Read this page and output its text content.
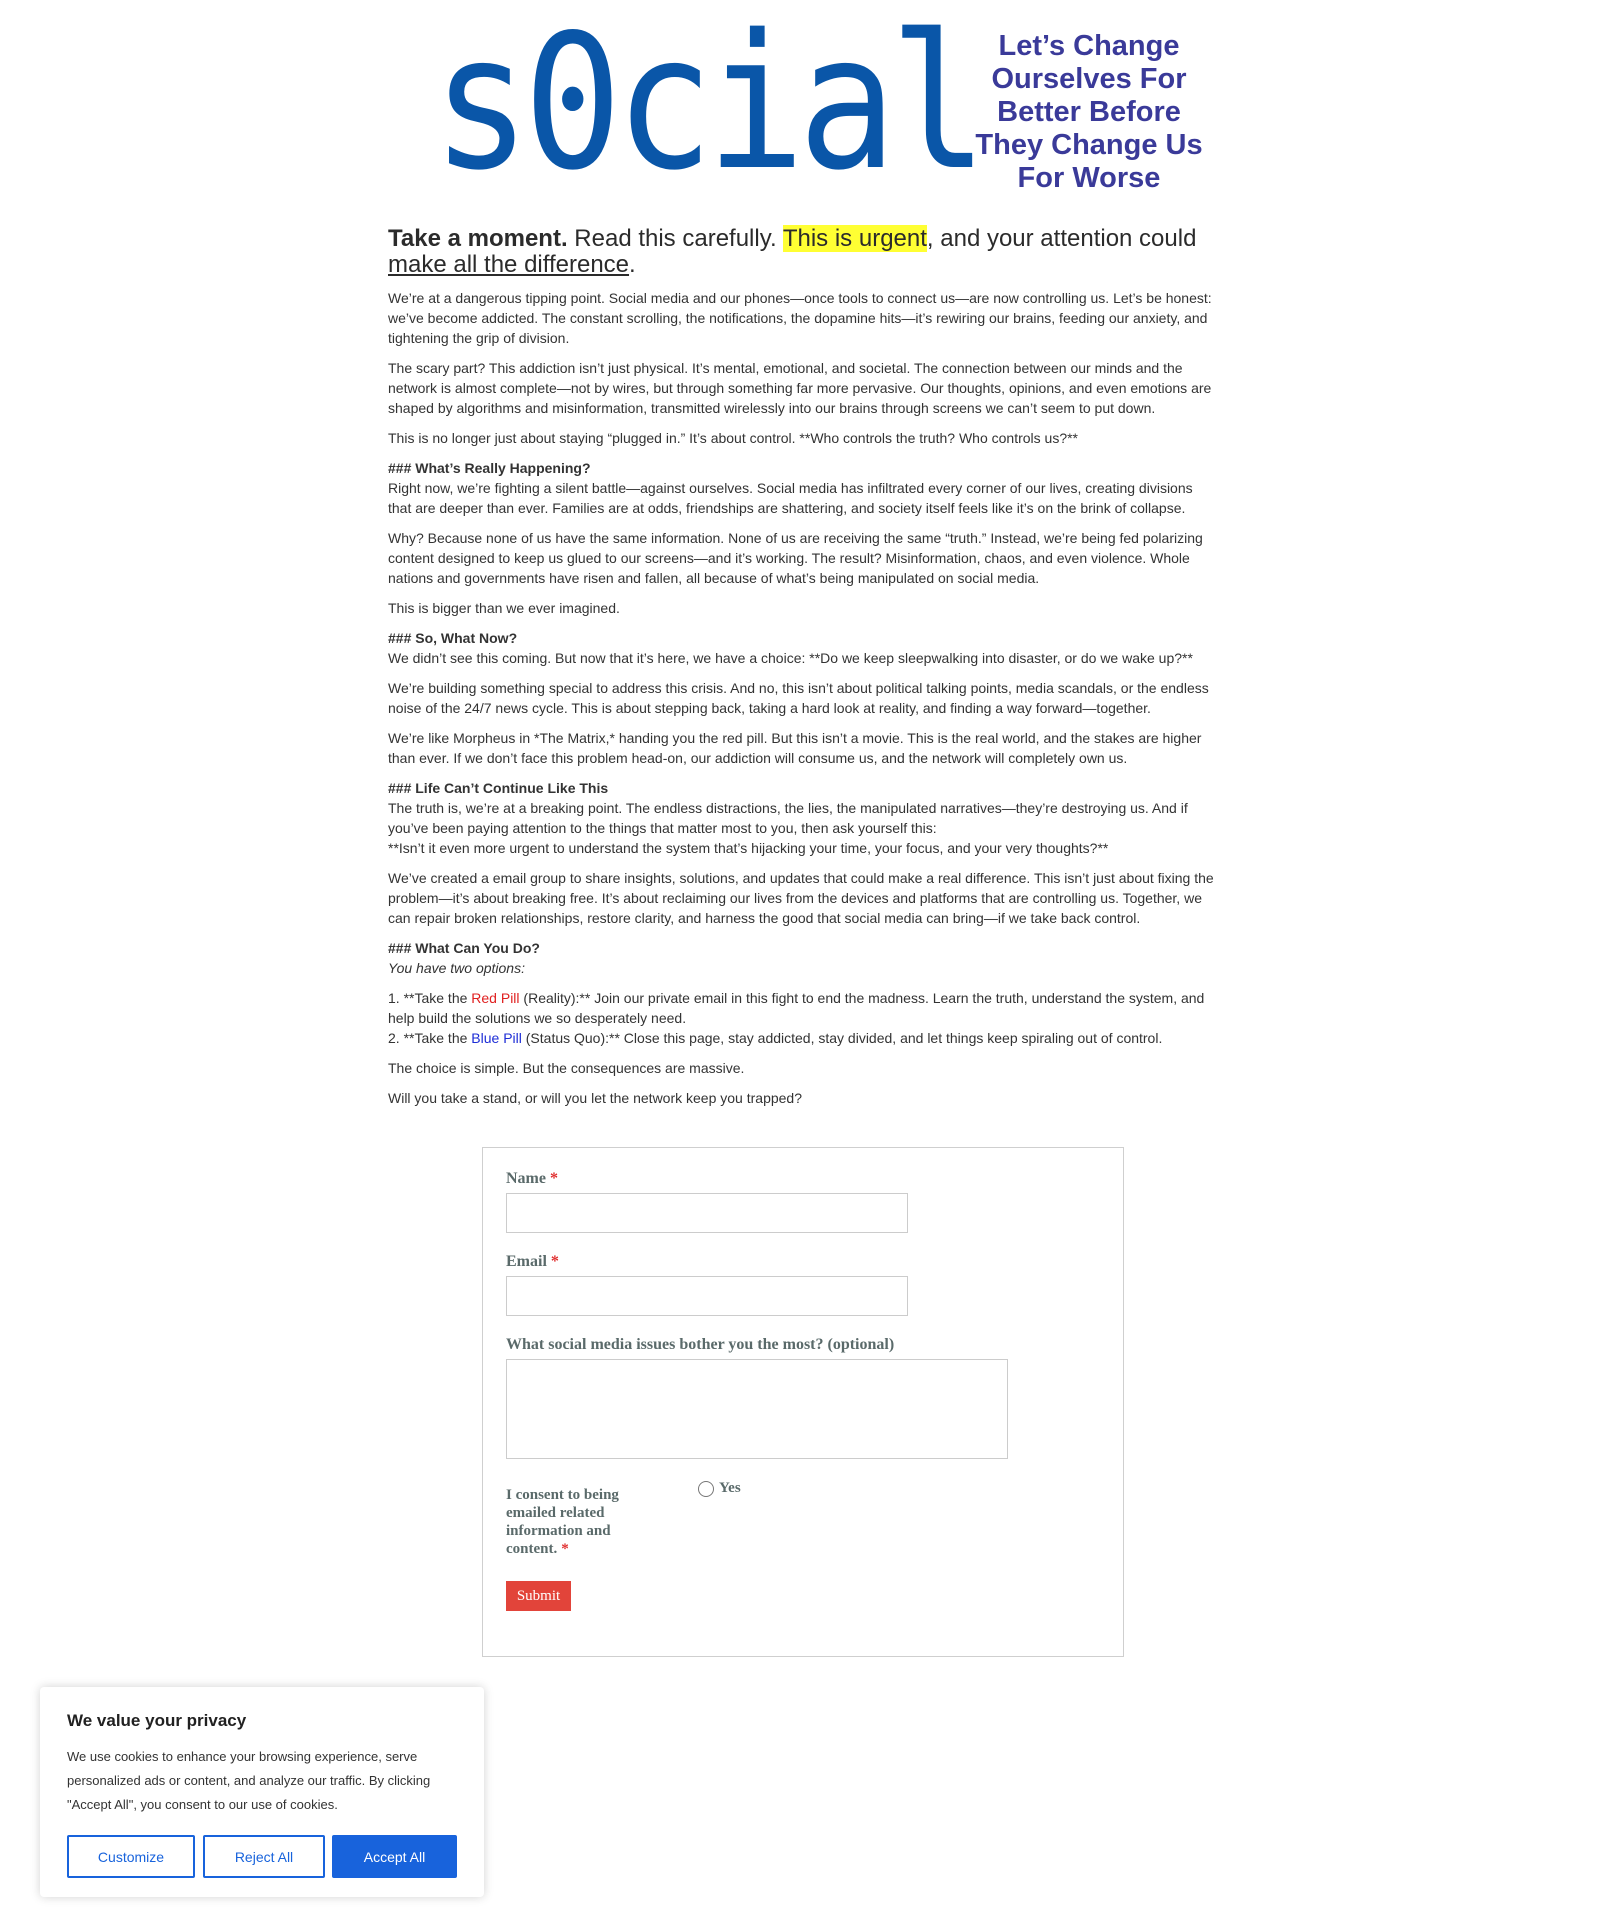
s0cial Let’s Change Ourselves For Better Before They Change Us For Worse
Take a moment. Read this carefully. This is urgent, and your attention could make all the difference.

We’re at a dangerous tipping point. Social media and our phones—once tools to connect us—are now controlling us. Let’s be honest: we’ve become addicted. The constant scrolling, the notifications, the dopamine hits—it’s rewiring our brains, feeding our anxiety, and tightening the grip of division.

The scary part? This addiction isn’t just physical. It’s mental, emotional, and societal. The connection between our minds and the network is almost complete—not by wires, but through something far more pervasive. Our thoughts, opinions, and even emotions are shaped by algorithms and misinformation, transmitted wirelessly into our brains through screens we can’t seem to put down.

This is no longer just about staying “plugged in.” It’s about control. **Who controls the truth? Who controls us?**

### What’s Really Happening?
Right now, we’re fighting a silent battle—against ourselves. Social media has infiltrated every corner of our lives, creating divisions that are deeper than ever. Families are at odds, friendships are shattering, and society itself feels like it’s on the brink of collapse.

Why? Because none of us have the same information. None of us are receiving the same “truth.” Instead, we’re being fed polarizing content designed to keep us glued to our screens—and it’s working. The result? Misinformation, chaos, and even violence. Whole nations and governments have risen and fallen, all because of what’s being manipulated on social media.

This is bigger than we ever imagined.

### So, What Now?
We didn’t see this coming. But now that it’s here, we have a choice: **Do we keep sleepwalking into disaster, or do we wake up?**

We’re building something special to address this crisis. And no, this isn’t about political talking points, media scandals, or the endless noise of the 24/7 news cycle. This is about stepping back, taking a hard look at reality, and finding a way forward—together.

We’re like Morpheus in *The Matrix,* handing you the red pill. But this isn’t a movie. This is the real world, and the stakes are higher than ever. If we don’t face this problem head-on, our addiction will consume us, and the network will completely own us.

### Life Can’t Continue Like This
The truth is, we’re at a breaking point. The endless distractions, the lies, the manipulated narratives—they’re destroying us. And if you’ve been paying attention to the things that matter most to you, then ask yourself this:
**Isn’t it even more urgent to understand the system that’s hijacking your time, your focus, and your very thoughts?**

We’ve created a email group to share insights, solutions, and updates that could make a real difference. This isn’t just about fixing the problem—it’s about breaking free. It’s about reclaiming our lives from the devices and platforms that are controlling us. Together, we can repair broken relationships, restore clarity, and harness the good that social media can bring—if we take back control.

### What Can You Do?
You have two options:

1. **Take the Red Pill (Reality):** Join our private email in this fight to end the madness. Learn the truth, understand the system, and help build the solutions we so desperately need.
2. **Take the Blue Pill (Status Quo):** Close this page, stay addicted, stay divided, and let things keep spiraling out of control.

The choice is simple. But the consequences are massive.

Will you take a stand, or will you let the network keep you trapped?

Name *
Email *
What social media issues bother you the most? (optional)
I consent to being emailed related information and content. *
Yes
Submit
We value your privacy
We use cookies to enhance your browsing experience, serve personalized ads or content, and analyze our traffic. By clicking "Accept All", you consent to our use of cookies.
Customize	Reject All	Accept All
